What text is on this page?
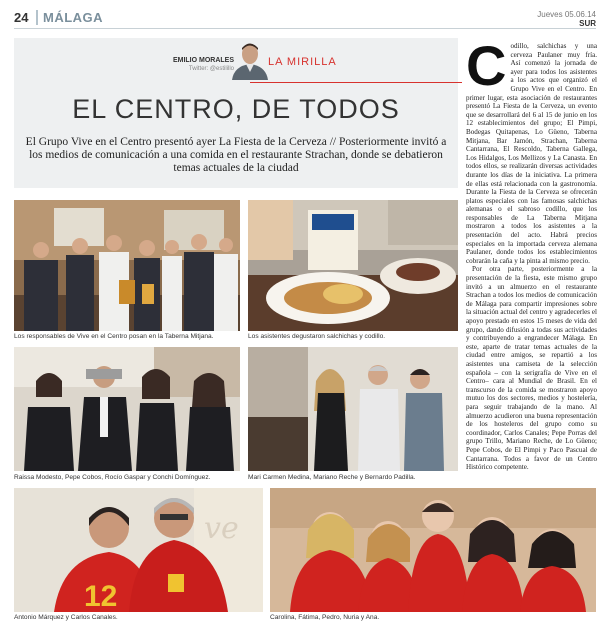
24	MÁLAGA	Jueves 05.06.14
SUR
EMILIO MORALES
Twitter: @estilillo
LA MIRILLA
EL CENTRO, DE TODOS

El Grupo Vive en el Centro presentó ayer La Fiesta de la Cerveza // Posteriormente invitó a los medios de comunicación a una comida en el restaurante Strachan, donde se debatieron temas actuales de la ciudad

Los responsables de Vive en el Centro posan en la Taberna Mitjana.	Los asistentes degustaron salchichas y codillo.
Raissa Modesto, Pepe Cobos, Rocío Gaspar y Conchi Domínguez.	Mari Carmen Medina, Mariano Reche y Bernardo Padilla.
ve
12
Antonio Márquez y Carlos Canales.	Carolina, Fátima, Pedro, Nuria y Ana.
C odillo, salchichas y una cerveza Paulaner muy fría. Así comenzó la jornada de ayer para todos los asistentes a los actos que organizó el Grupo Vive en el Centro. En primer lugar, esta asociación de restaurantes presentó La Fiesta de la Cerveza, un evento que se desarrollará del 6 al 15 de junio en los 12 establecimientos del grupo; El Pimpi, Bodegas Quitapenas, Lo Güeno, Taberna Mitjana, Bar Jamón, Strachan, Taberna Cantarrana, El Rescoldo, Taberna Gallega, Los Hidalgos, Los Mellizos y La Canasta. En todos ellos, se realizarán diversas actividades durante los días de la iniciativa. La primera de ellas está relacionada con la gastronomía. Durante la Fiesta de la Cerveza se ofrecerán platos especiales con las famosas salchichas alemanas o el sabroso codillo, que los responsables de La Taberna Mitjana mostraron a todos los asistentes a la presentación del acto. Habrá precios especiales en la importada cerveza alemana Paulaner, donde todos los establecimientos cobrarán la caña y la pinta al mismo precio.

Por otra parte, posteriormente a la presentación de la fiesta, este mismo grupo invitó a un almuerzo en el restaurante Strachan a todos los medios de comunicación de Málaga para compartir impresiones sobre la situación actual del centro y agradecerles el apoyo prestado en estos 15 meses de vida del grupo, dando difusión a todas sus actividades y contribuyendo a engrandecer Málaga. En este, aparte de tratar temas actuales de la ciudad entre amigos, se repartió a los asistentes una camiseta de la selección española – con la serigrafía de Vive en el Centro– cara al Mundial de Brasil. En el transcurso de la comida se mostraron apoyo mutuo los dos sectores, medios y hostelería, para seguir trabajando de la mano. Al almuerzo acudieron una buena representación de los hosteleros del grupo como su coordinador, Carlos Canales; Pepe Porras del grupo Trillo, Mariano Reche, de Lo Güeno; Pepe Cobos, de El Pimpi y Paco Pascual de Cantarrana. Todos a favor de un Centro Histórico competente.
